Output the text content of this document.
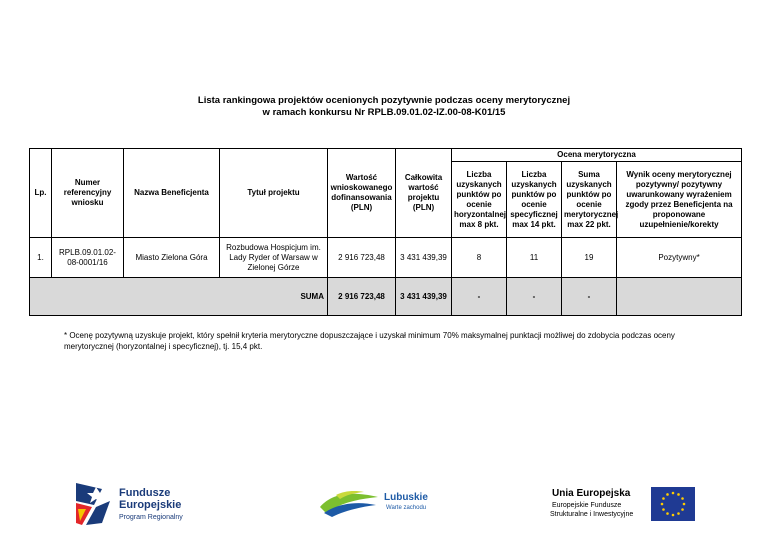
Lista rankingowa projektów ocenionych pozytywnie podczas oceny merytorycznej
w ramach konkursu Nr RPLB.09.01.02-IZ.00-08-K01/15
Lp.	Numer referencyjny wniosku	Nazwa Beneficjenta	Tytuł projektu	Wartość wnioskowanego dofinansowania (PLN)	Całkowita wartość projektu (PLN)	Ocena merytoryczna			
						Liczba uzyskanych punktów po ocenie horyzontalnej max 8 pkt.	Liczba uzyskanych punktów po ocenie specyficznej max 14 pkt.	Suma uzyskanych punktów po ocenie merytorycznej max 22 pkt.	Wynik oceny merytorycznej pozytywny/ pozytywny uwarunkowany wyrażeniem zgody przez Beneficjenta na proponowane uzupełnienie/korekty
1.	RPLB.09.01.02-08-0001/16	Miasto Zielona Góra	Rozbudowa Hospicjum im. Lady Ryder of Warsaw w Zielonej Górze	2 916 723,48	3 431 439,39	8	11	19	Pozytywny*
SUMA				2 916 723,48	3 431 439,39	-	-	-	
* Ocenę pozytywną uzyskuje projekt, który spełnił kryteria merytoryczne dopuszczające i uzyskał minimum 70% maksymalnej punktacji możliwej do zdobycia podczas oceny merytorycznej (horyzontalnej i specyficznej), tj. 15,4 pkt.
Fundusze
Europejskie
Program Regionalny
Lubuskie
Warte zachodu
Unia Europejska
Europejskie Fundusze
Strukturalne i Inwestycyjne
